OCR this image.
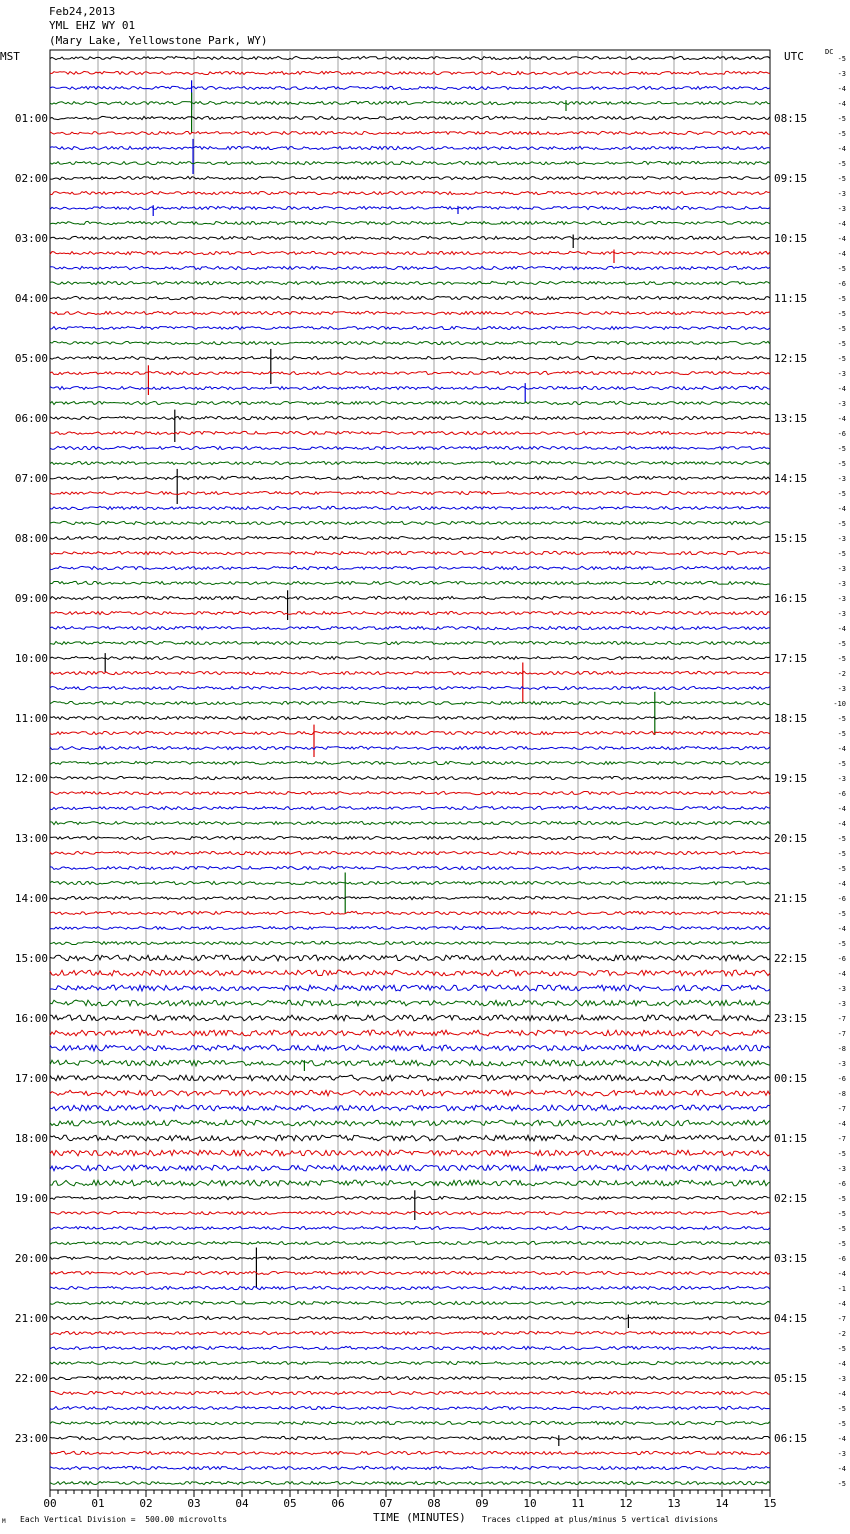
Feb24,2013
YML EHZ WY 01
(Mary Lake, Yellowstone Park, WY)
MST	UTC	DC
-5
-3
-4
-4
-5
-5
-4
-5
-5
-3
-3
-4
-4
-4
-5
-6
-5
-5
-5
-5
-5
-3
-4
-3
-4
-6
-5
-5
-3
-5
-4
-5
-3
-5
-3
-3
-3
-3
-4
-5
-5
-2
-3
-10
-5
-5
-4
-5
-3
-6
-4
-4
-5
-5
-5
-4
-6
-5
-4
-5
-6
-4
-3
-3
-7
-7
-8
-3
-6
-8
-7
-4
-7
-5
-3
-6
-5
-5
-5
-5
-6
-4
-1
-4
-7
-2
-5
-4
-3
-4
-5
-5
-4
-3
-4
-5
01:00
02:00
03:00
04:00
05:00
06:00
07:00
08:00
09:00
10:00
11:00
12:00
13:00
14:00
15:00
16:00
17:00
18:00
19:00
20:00
21:00
22:00
23:00
08:15
09:15
10:15
11:15
12:15
13:15
14:15
15:15
16:15
17:15
18:15
19:15
20:15
21:15
22:15
23:15
00:15
01:15
02:15
03:15
04:15
05:15
06:15
00	01	02	03	04	05	06	07	08	09	10	11	12	13	14	15
M Each Vertical Division =  500.00 microvolts	TIME (MINUTES) Traces clipped at plus/minus 5 vertical divisions
